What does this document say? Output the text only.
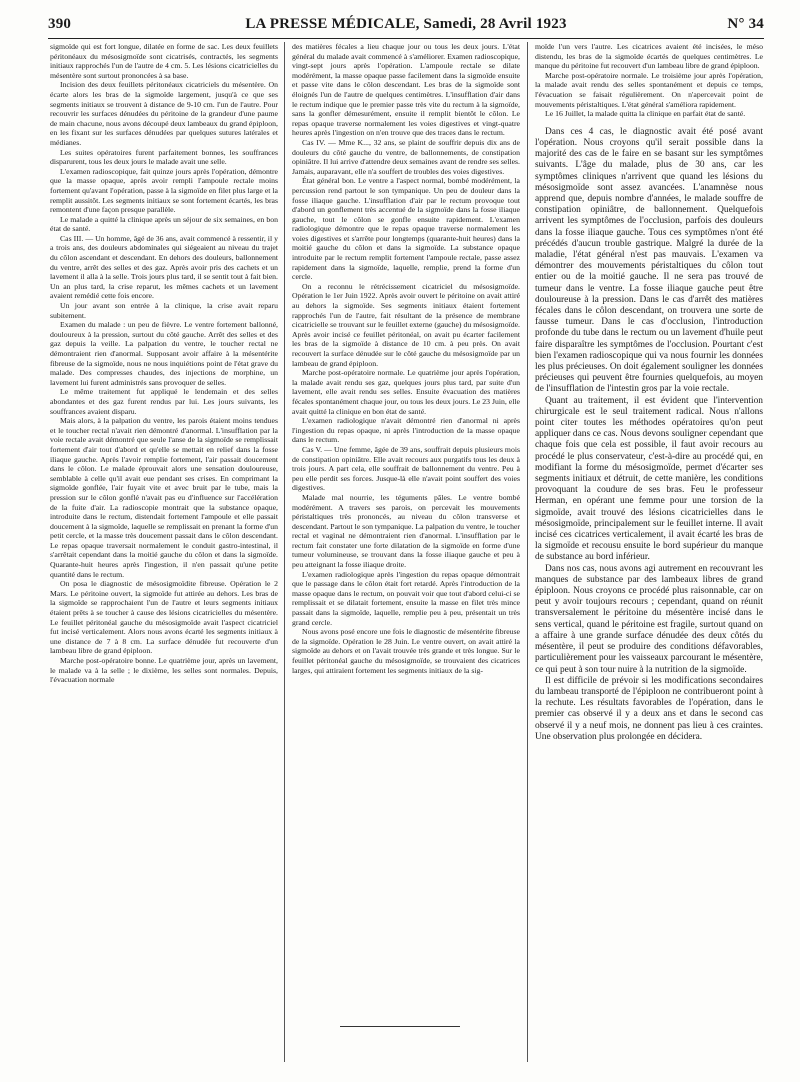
390	LA PRESSE MÉDICALE, Samedi, 28 Avril 1923	N° 34

sigmoïde qui est fort longue, dilatée en forme de sac. Les deux feuillets péritonéaux du mésosigmoïde sont cicatrisés, contractés, les segments initiaux rapprochés l'un de l'autre de 4 cm. 5. Les lésions cicatricielles du mésentère sont surtout prononcées à sa base.

Incision des deux feuillets péritonéaux cicatriciels du mésentère. On écarte alors les bras de la sigmoïde largement, jusqu'à ce que ses segments initiaux se trouvent à distance de 9-10 cm. l'un de l'autre. Pour recouvrir les surfaces dénudées du péritoine de la grandeur d'une paume de main chacune, nous avons découpé deux lambeaux du grand épiploon, en les fixant sur les surfaces dénudées par quelques sutures latérales et médianes.

Les suites opératoires furent parfaitement bonnes, les souffrances disparurent, tous les deux jours le malade avait une selle.

L'examen radioscopique, fait quinze jours après l'opération, démontre que la masse opaque, après avoir rempli l'ampoule rectale moins fortement qu'avant l'opération, passe à la sigmoïde en filet plus large et la remplit aussitôt. Les segments initiaux se sont fortement écartés, les bras remontent d'une façon presque parallèle.

Le malade a quitté la clinique après un séjour de six semaines, en bon état de santé.

Cas III. — Un homme, âgé de 36 ans, avait commencé à ressentir, il y a trois ans, des douleurs abdominales qui siégeaient au niveau du trajet du côlon ascendant et descendant. En dehors des douleurs, ballonnement du ventre, arrêt des selles et des gaz. Après avoir pris des cachets et un lavement il alla à la selle. Trois jours plus tard, il se sentit tout à fait bien. Un an plus tard, la crise reparut, les mêmes cachets et un lavement avaient remédié cette fois encore.

Un jour avant son entrée à la clinique, la crise avait reparu subitement.

Examen du malade : un peu de fièvre. Le ventre fortement ballonné, douloureux à la pression, surtout du côté gauche. Arrêt des selles et des gaz depuis la veille. La palpation du ventre, le toucher rectal ne démontraient rien d'anormal. Supposant avoir affaire à la mésentérite fibreuse de la sigmoïde, nous ne nous inquiétions point de l'état grave du malade. Des compresses chaudes, des injections de morphine, un lavement lui furent administrés sans provoquer de selles.

Le même traitement fut appliqué le lendemain et des selles abondantes et des gaz furent rendus par lui. Les jours suivants, les souffrances avaient disparu.

Mais alors, à la palpation du ventre, les parois étaient moins tendues et le toucher rectal n'avait rien démontré d'anormal. L'insufflation par la voie rectale avait démontré que seule l'anse de la sigmoïde se remplissait fortement d'air tout d'abord et qu'elle se mettait en relief dans la fosse iliaque gauche. Après l'avoir remplie fortement, l'air passait doucement dans le côlon. Le malade éprouvait alors une sensation douloureuse, semblable à celle qu'il avait eue pendant ses crises. En comprimant la sigmoïde gonflée, l'air fuyait vite et avec bruit par le tube, mais la pression sur le côlon gonflé n'avait pas eu d'influence sur l'accélération de la fuite d'air. La radioscopie montrait que la substance opaque, introduite dans le rectum, distendait fortement l'ampoule et elle passait doucement à la sigmoïde, laquelle se remplissait en prenant la forme d'un petit cercle, et la masse très doucement passait dans le côlon descendant. Le repas opaque traversait normalement le conduit gastro-intestinal, il s'arrêtait cependant dans la moitié gauche du côlon et dans la sigmoïde. Quarante-huit heures après l'ingestion, il n'en passait qu'une petite quantité dans le rectum.

On posa le diagnostic de mésosigmoïdite fibreuse. Opération le 2 Mars. Le péritoine ouvert, la sigmoïde fut attirée au dehors. Les bras de la sigmoïde se rapprochaient l'un de l'autre et leurs segments initiaux étaient prêts à se toucher à cause des lésions cicatricielles du mésentère. Le feuillet péritonéal gauche du mésosigmoïde avait l'aspect cicatriciel fut incisé verticalement. Alors nous avons écarté les segments initiaux à une distance de 7 à 8 cm. La surface dénudée fut recouverte d'un lambeau libre de grand épiploon.

Marche post-opératoire bonne. Le quatrième jour, après un lavement, le malade va à la selle ; le dixième, les selles sont normales. Depuis, l'évacuation normale

des matières fécales a lieu chaque jour ou tous les deux jours. L'état général du malade avait commencé à s'améliorer. Examen radioscopique, vingt-sept jours après l'opération. L'ampoule rectale se dilate modérément, la masse opaque passe facilement dans la sigmoïde ensuite et passe vite dans le côlon descendant. Les bras de la sigmoïde sont éloignés l'un de l'autre de quelques centimètres. L'insufflation d'air dans le rectum indique que le premier passe très vite du rectum à la sigmoïde, sans la gonfler démesurément, ensuite il remplit bientôt le côlon. Le repas opaque traverse normalement les voies digestives et vingt-quatre heures après l'ingestion on n'en trouve que des traces dans le rectum.

Cas IV. — Mme K..., 32 ans, se plaint de souffrir depuis dix ans de douleurs du côté gauche du ventre, de ballonnements, de constipation opiniâtre. Il lui arrive d'attendre deux semaines avant de rendre ses selles. Jamais, auparavant, elle n'a souffert de troubles des voies digestives.

État général bon. Le ventre a l'aspect normal, bombé modérément, la percussion rend partout le son tympanique. Un peu de douleur dans la fosse iliaque gauche. L'insufflation d'air par le rectum provoque tout d'abord un gonflement très accentué de la sigmoïde dans la fosse iliaque gauche, tout le côlon se gonfle ensuite rapidement. L'examen radiologique démontre que le repas opaque traverse normalement les voies digestives et s'arrête pour longtemps (quarante-huit heures) dans la moitié gauche du côlon et dans la sigmoïde. La substance opaque introduite par le rectum remplit fortement l'ampoule rectale, passe assez rapidement dans la sigmoïde, laquelle, remplie, prend la forme d'un cercle.

On a reconnu le rétrécissement cicatriciel du mésosigmoïde. Opération le 1er Juin 1922. Après avoir ouvert le péritoine on avait attiré au dehors la sigmoïde. Ses segments initiaux étaient fortement rapprochés l'un de l'autre, fait résultant de la présence de membrane cicatricielle se trouvant sur le feuillet externe (gauche) du mésosigmoïde. Après avoir incisé ce feuillet péritonéal, on avait pu écarter facilement les bras de la sigmoïde à distance de 10 cm. à peu près. On avait recouvert la surface dénudée sur le côté gauche du mésosigmoïde par un lambeau de grand épiploon.

Marche post-opératoire normale. Le quatrième jour après l'opération, la malade avait rendu ses gaz, quelques jours plus tard, par suite d'un lavement, elle avait rendu ses selles. Ensuite évacuation des matières fécales spontanément chaque jour, ou tous les deux jours. Le 23 Juin, elle avait quitté la clinique en bon état de santé.

L'examen radiologique n'avait démontré rien d'anormal ni après l'ingestion du repas opaque, ni après l'introduction de la masse opaque dans le rectum.

Cas V. — Une femme, âgée de 39 ans, souffrait depuis plusieurs mois de constipation opiniâtre. Elle avait recours aux purgatifs tous les deux à trois jours. A part cela, elle souffrait de ballonnement du ventre. Peu à peu elle perdit ses forces. Jusque-là elle n'avait point souffert des voies digestives.

Malade mal nourrie, les téguments pâles. Le ventre bombé modérément. A travers ses parois, on percevait les mouvements péristaltiques très prononcés, au niveau du côlon transverse et descendant. Partout le son tympanique. La palpation du ventre, le toucher rectal et vaginal ne démontraient rien d'anormal. L'insufflation par le rectum fait constater une forte dilatation de la sigmoïde en forme d'une tumeur volumineuse, se trouvant dans la fosse iliaque gauche et peu à peu atteignant la fosse iliaque droite.

L'examen radiologique après l'ingestion du repas opaque démontrait que le passage dans le côlon était fort retardé. Après l'introduction de la masse opaque dans le rectum, on pouvait voir que tout d'abord celui-ci se remplissait et se dilatait fortement, ensuite la masse en filet très mince passait dans la sigmoïde, laquelle, remplie peu à peu, présentait un très grand cercle.

Nous avons posé encore une fois le diagnostic de mésentérite fibreuse de la sigmoïde. Opération le 28 Juin. Le ventre ouvert, on avait attiré la sigmoïde au dehors et on l'avait trouvée très grande et très longue. Sur le feuillet péritonéal gauche du mésosigmoïde, se trouvaient des cicatrices larges, qui attiraient fortement les segments initiaux de la sig-

moïde l'un vers l'autre. Les cicatrices avaient été incisées, le méso distendu, les bras de la sigmoïde écartés de quelques centimètres. Le manque du péritoine fut recouvert d'un lambeau libre de grand épiploon.

Marche post-opératoire normale. Le troisième jour après l'opération, la malade avait rendu des selles spontanément et depuis ce temps, l'évacuation se faisait régulièrement. On n'apercevait point de mouvements péristaltiques. L'état général s'améliora rapidement.

Le 16 Juillet, la malade quitta la clinique en parfait état de santé.

Dans ces 4 cas, le diagnostic avait été posé avant l'opération. Nous croyons qu'il serait possible dans la majorité des cas de le faire en se basant sur les symptômes suivants. L'âge du malade, plus de 30 ans, car les symptômes cliniques n'arrivent que quand les lésions du mésosigmoïde sont assez avancées. L'anamnèse nous apprend que, depuis nombre d'années, le malade souffre de constipation opiniâtre, de ballonnement. Quelquefois arrivent les symptômes de l'occlusion, parfois des douleurs dans la fosse iliaque gauche. Tous ces symptômes n'ont été précédés d'aucun trouble gastrique. Malgré la durée de la maladie, l'état général n'est pas mauvais. L'examen va démontrer des mouvements péristaltiques du côlon tout entier ou de la moitié gauche. Il ne sera pas trouvé de tumeur dans le ventre. La fosse iliaque gauche peut être douloureuse à la pression. Dans le cas d'arrêt des matières fécales dans le côlon descendant, on trouvera une sorte de fausse tumeur. Dans le cas d'occlusion, l'introduction profonde du tube dans le rectum ou un lavement d'huile peut faire disparaître les symptômes de l'occlusion. Pourtant c'est bien l'examen radioscopique qui va nous fournir les données les plus précieuses. On doit également souligner les données précieuses qui peuvent être fournies quelquefois, au moyen de l'insufflation de l'intestin gros par la voie rectale.

Quant au traitement, il est évident que l'intervention chirurgicale est le seul traitement radical. Nous n'allons point citer toutes les méthodes opératoires qu'on peut appliquer dans ce cas. Nous devons souligner cependant que chaque fois que cela est possible, il faut avoir recours au procédé le plus conservateur, c'est-à-dire au procédé qui, en modifiant la forme du mésosigmoïde, permet d'écarter ses segments initiaux et détruit, de cette manière, les conditions provoquant la coudure de ses bras. Feu le professeur Herman, en opérant une femme pour une torsion de la sigmoïde, avait trouvé des lésions cicatricielles dans le mésosigmoïde, principalement sur le feuillet interne. Il avait incisé ces cicatrices verticalement, il avait écarté les bras de la sigmoïde et recousu ensuite le bord supérieur du manque de substance au bord inférieur.

Dans nos cas, nous avons agi autrement en recouvrant les manques de substance par des lambeaux libres de grand épiploon. Nous croyons ce procédé plus raisonnable, car on peut y avoir toujours recours ; cependant, quand on réunit transversalement le péritoine du mésentère incisé dans le sens vertical, quand le péritoine est fragile, surtout quand on a affaire à une grande surface dénudée des deux côtés du mésentère, il peut se produire des conditions défavorables, particulièrement pour les vaisseaux parcourant le mésentère, ce qui peut à son tour nuire à la nutrition de la sigmoïde.

Il est difficile de prévoir si les modifications secondaires du lambeau transporté de l'épiploon ne contribueront point à la rechute. Les résultats favorables de l'opération, dans le premier cas observé il y a deux ans et dans le second cas observé il y a neuf mois, ne donnent pas lieu à ces craintes. Une observation plus prolongée en décidera.
